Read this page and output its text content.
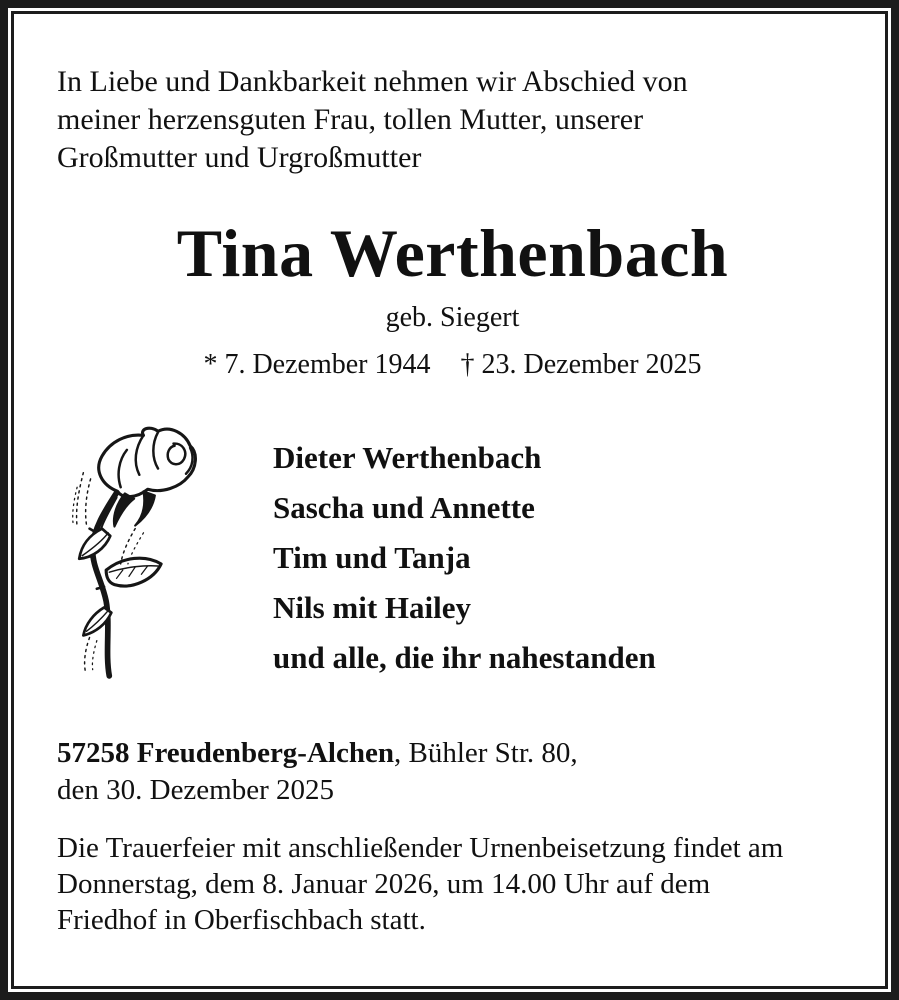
In Liebe und Dankbarkeit nehmen wir Abschied von
meiner herzensguten Frau, tollen Mutter, unserer
Großmutter und Urgroßmutter
Tina Werthenbach
geb. Siegert
* 7. Dezember 1944 † 23. Dezember 2025
Dieter Werthenbach
Sascha und Annette
Tim und Tanja
Nils mit Hailey
und alle, die ihr nahestanden
57258 Freudenberg-Alchen, Bühler Str. 80,
den 30. Dezember 2025
Die Trauerfeier mit anschließender Urnenbeisetzung findet am
Donnerstag, dem 8. Januar 2026, um 14.00 Uhr auf dem
Friedhof in Oberfischbach statt.
